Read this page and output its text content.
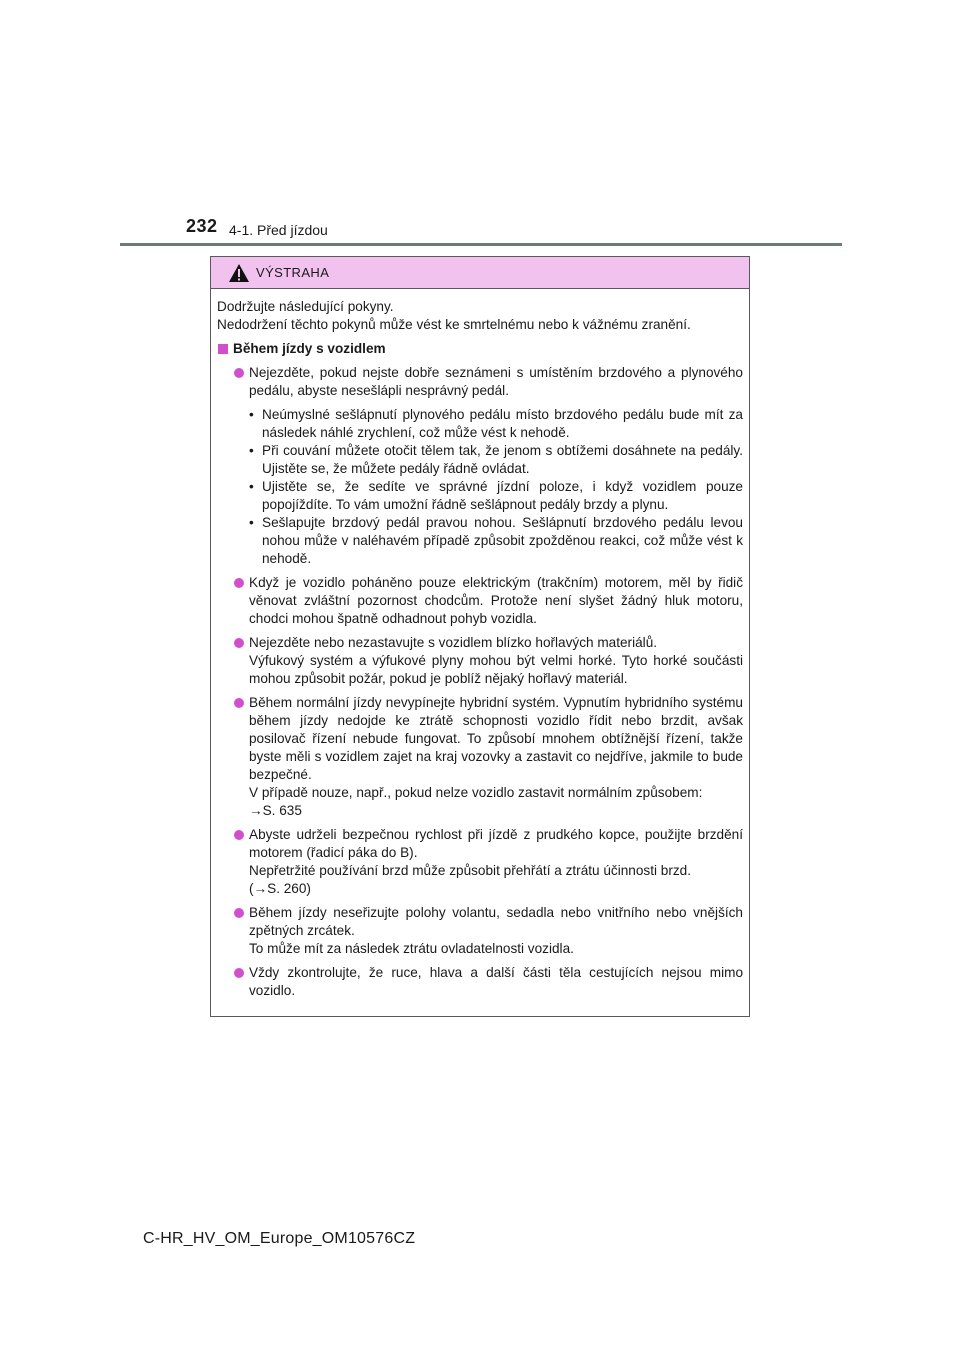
232 4-1. Před jízdou
VÝSTRAHA

Dodržujte následující pokyny.

Nedodržení těchto pokynů může vést ke smrtelnému nebo k vážnému zranění.

Během jízdy s vozidlem

Nejezděte, pokud nejste dobře seznámeni s umístěním brzdového a plynového pedálu, abyste nesešlápli nesprávný pedál.

• Neúmyslné sešlápnutí plynového pedálu místo brzdového pedálu bude mít za následek náhlé zrychlení, což může vést k nehodě.
• Při couvání můžete otočit tělem tak, že jenom s obtížemi dosáhnete na pedály. Ujistěte se, že můžete pedály řádně ovládat.
• Ujistěte se, že sedíte ve správné jízdní poloze, i když vozidlem pouze popojíždíte. To vám umožní řádně sešlápnout pedály brzdy a plynu.
• Sešlapujte brzdový pedál pravou nohou. Sešlápnutí brzdového pedálu levou nohou může v naléhavém případě způsobit zpožděnou reakci, což může vést k nehodě.

Když je vozidlo poháněno pouze elektrickým (trakčním) motorem, měl by řidič věnovat zvláštní pozornost chodcům. Protože není slyšet žádný hluk motoru, chodci mohou špatně odhadnout pohyb vozidla.

Nejezděte nebo nezastavujte s vozidlem blízko hořlavých materiálů.

Výfukový systém a výfukové plyny mohou být velmi horké. Tyto horké součásti mohou způsobit požár, pokud je poblíž nějaký hořlavý materiál.

Během normální jízdy nevypínejte hybridní systém. Vypnutím hybridního systému během jízdy nedojde ke ztrátě schopnosti vozidlo řídit nebo brzdit, avšak posilovač řízení nebude fungovat. To způsobí mnohem obtížnější řízení, takže byste měli s vozidlem zajet na kraj vozovky a zastavit co nejdříve, jakmile to bude bezpečné.

V případě nouze, např., pokud nelze vozidlo zastavit normálním způsobem:

→S. 635

Abyste udrželi bezpečnou rychlost při jízdě z prudkého kopce, použijte brzdění motorem (řadicí páka do B).

Nepřetržité používání brzd může způsobit přehřátí a ztrátu účinnosti brzd.

(→S. 260)

Během jízdy neseřizujte polohy volantu, sedadla nebo vnitřního nebo vnějších zpětných zrcátek.

To může mít za následek ztrátu ovladatelnosti vozidla.

Vždy zkontrolujte, že ruce, hlava a další části těla cestujících nejsou mimo vozidlo.

C-HR_HV_OM_Europe_OM10576CZ
